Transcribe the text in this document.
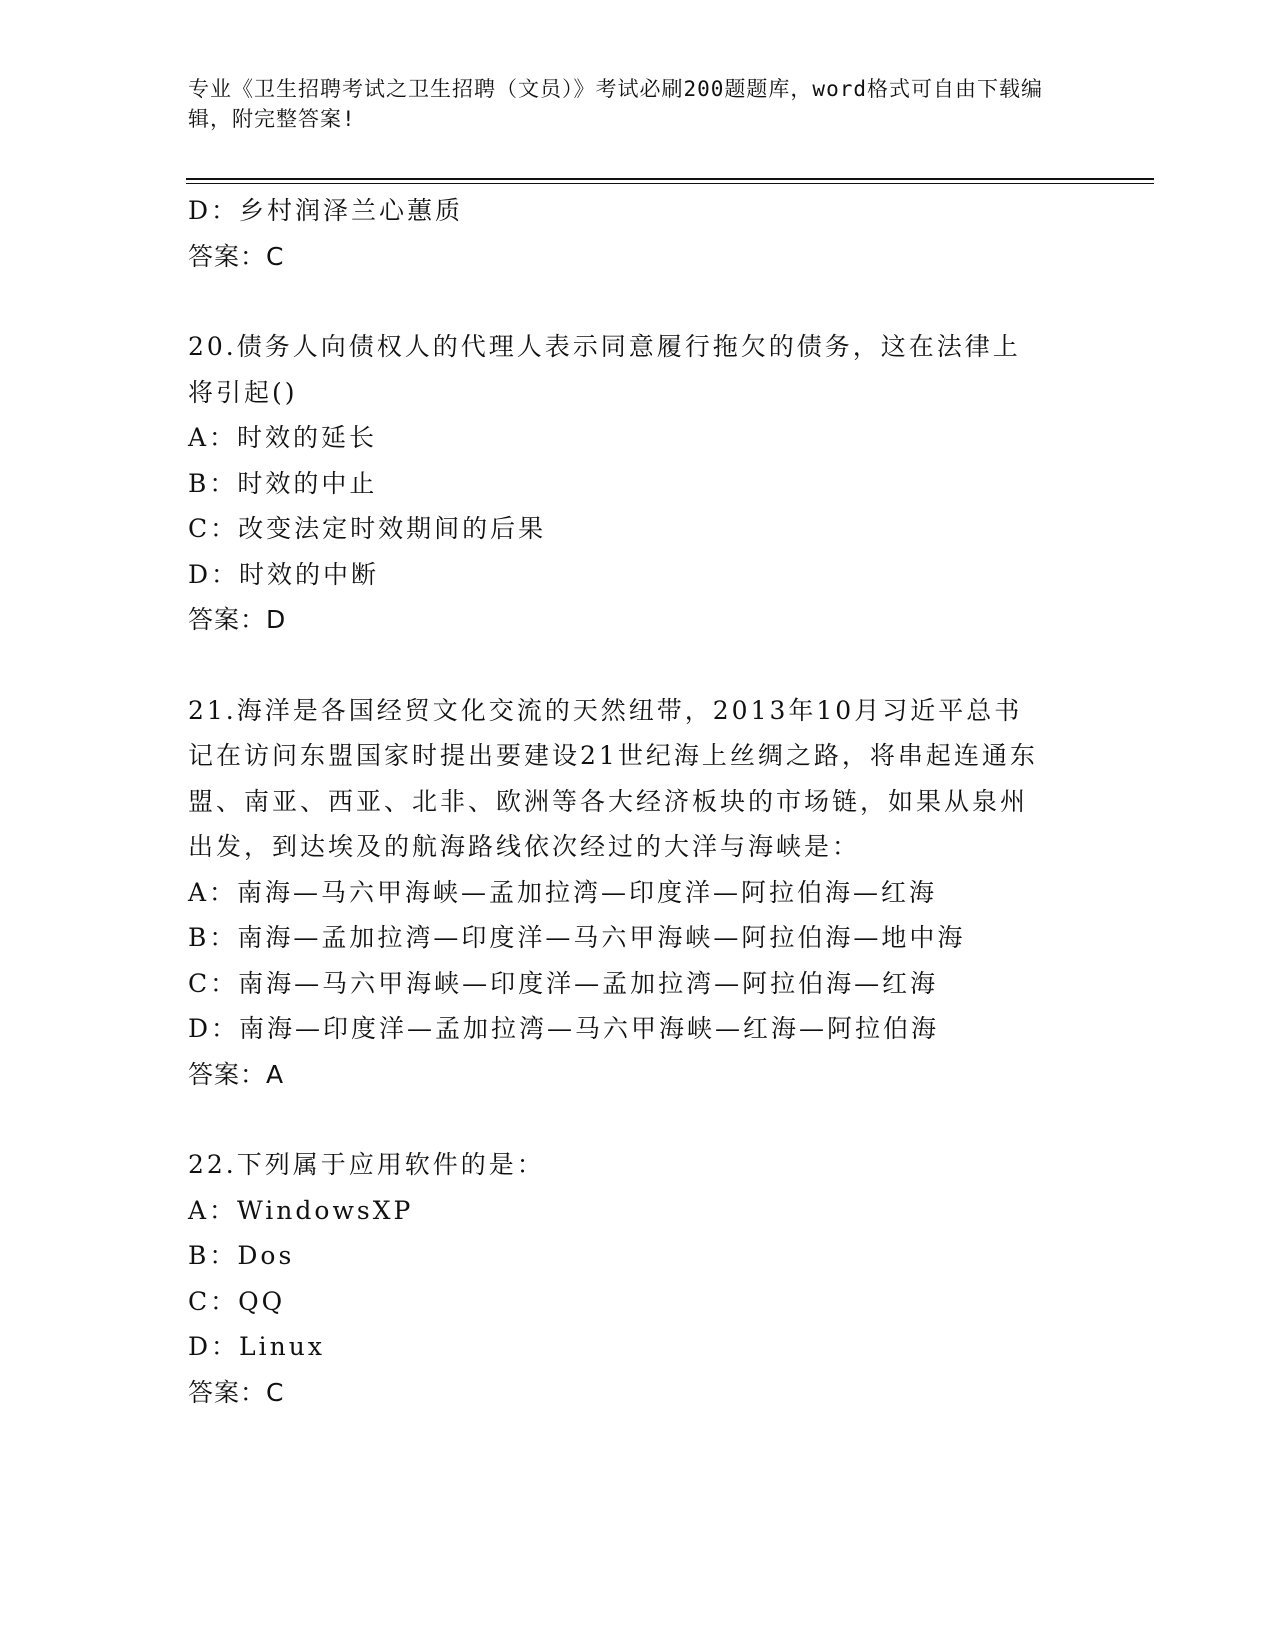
专业《卫生招聘考试之卫生招聘（文员）》考试必刷200题题库，word格式可自由下载编辑，附完整答案!
D：乡村润泽兰心蕙质
答案：C
20.债务人向债权人的代理人表示同意履行拖欠的债务，这在法律上将引起()
A：时效的延长
B：时效的中止
C：改变法定时效期间的后果
D：时效的中断
答案：D
21.海洋是各国经贸文化交流的天然纽带，2013年10月习近平总书记在访问东盟国家时提出要建设21世纪海上丝绸之路，将串起连通东盟、南亚、西亚、北非、欧洲等各大经济板块的市场链，如果从泉州出发，到达埃及的航海路线依次经过的大洋与海峡是：
A：南海—马六甲海峡—孟加拉湾—印度洋—阿拉伯海—红海
B：南海—孟加拉湾—印度洋—马六甲海峡—阿拉伯海—地中海
C：南海—马六甲海峡—印度洋—孟加拉湾—阿拉伯海—红海
D：南海—印度洋—孟加拉湾—马六甲海峡—红海—阿拉伯海
答案：A
22.下列属于应用软件的是：
A：WindowsXP
B：Dos
C：QQ
D：Linux
答案：C
